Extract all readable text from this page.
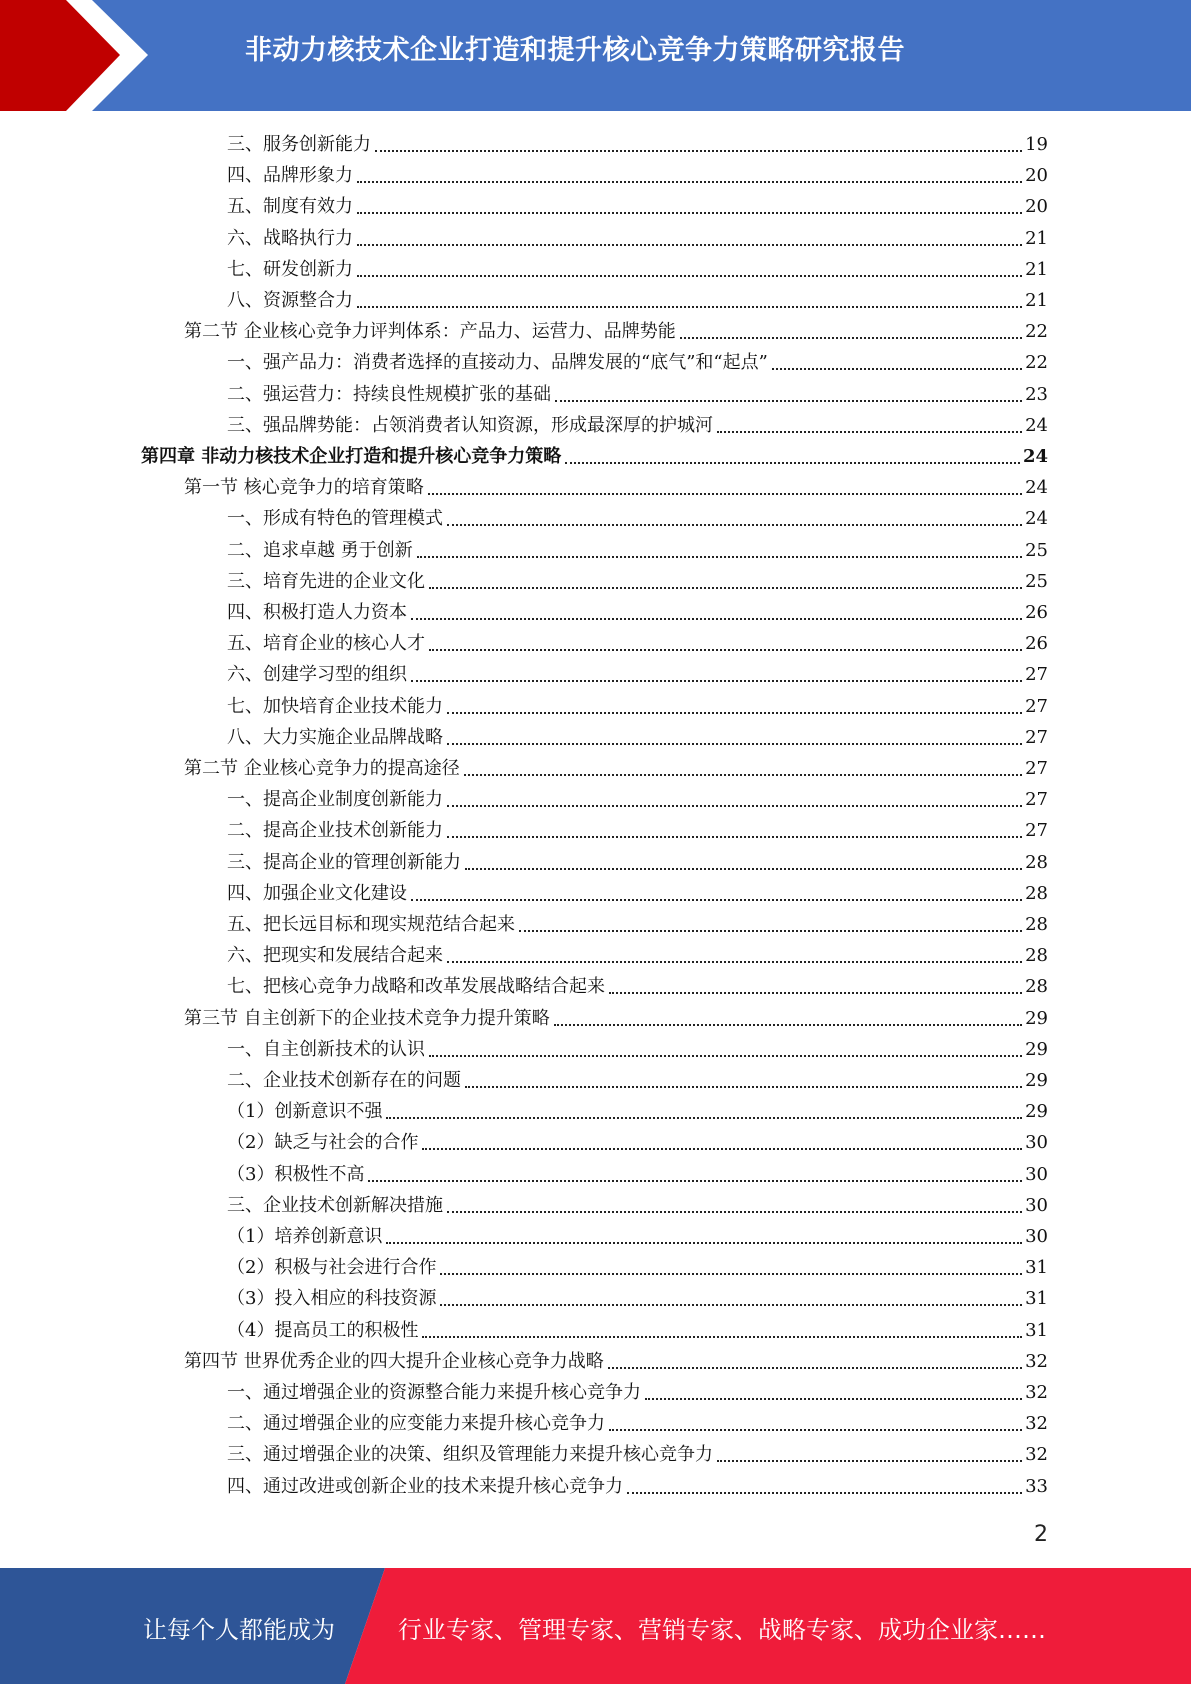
非动力核技术企业打造和提升核心竞争力策略研究报告
三、服务创新能力	19
四、品牌形象力	20
五、制度有效力	20
六、战略执行力	21
七、研发创新力	21
八、资源整合力	21
第二节 企业核心竞争力评判体系：产品力、运营力、品牌势能	22
一、强产品力：消费者选择的直接动力、品牌发展的“底气”和“起点”	22
二、强运营力：持续良性规模扩张的基础	23
三、强品牌势能：占领消费者认知资源，形成最深厚的护城河	24
第四章 非动力核技术企业打造和提升核心竞争力策略	24
第一节 核心竞争力的培育策略	24
一、形成有特色的管理模式	24
二、追求卓越 勇于创新	25
三、培育先进的企业文化	25
四、积极打造人力资本	26
五、培育企业的核心人才	26
六、创建学习型的组织	27
七、加快培育企业技术能力	27
八、大力实施企业品牌战略	27
第二节 企业核心竞争力的提高途径	27
一、提高企业制度创新能力	27
二、提高企业技术创新能力	27
三、提高企业的管理创新能力	28
四、加强企业文化建设	28
五、把长远目标和现实规范结合起来	28
六、把现实和发展结合起来	28
七、把核心竞争力战略和改革发展战略结合起来	28
第三节 自主创新下的企业技术竞争力提升策略	29
一、自主创新技术的认识	29
二、企业技术创新存在的问题	29
（1）创新意识不强	29
（2）缺乏与社会的合作	30
（3）积极性不高	30
三、企业技术创新解决措施	30
（1）培养创新意识	30
（2）积极与社会进行合作	31
（3）投入相应的科技资源	31
（4）提高员工的积极性	31
第四节 世界优秀企业的四大提升企业核心竞争力战略	32
一、通过增强企业的资源整合能力来提升核心竞争力	32
二、通过增强企业的应变能力来提升核心竞争力	32
三、通过增强企业的决策、组织及管理能力来提升核心竞争力	32
四、通过改进或创新企业的技术来提升核心竞争力	33
2
让每个人都能成为	行业专家、管理专家、营销专家、战略专家、成功企业家……
